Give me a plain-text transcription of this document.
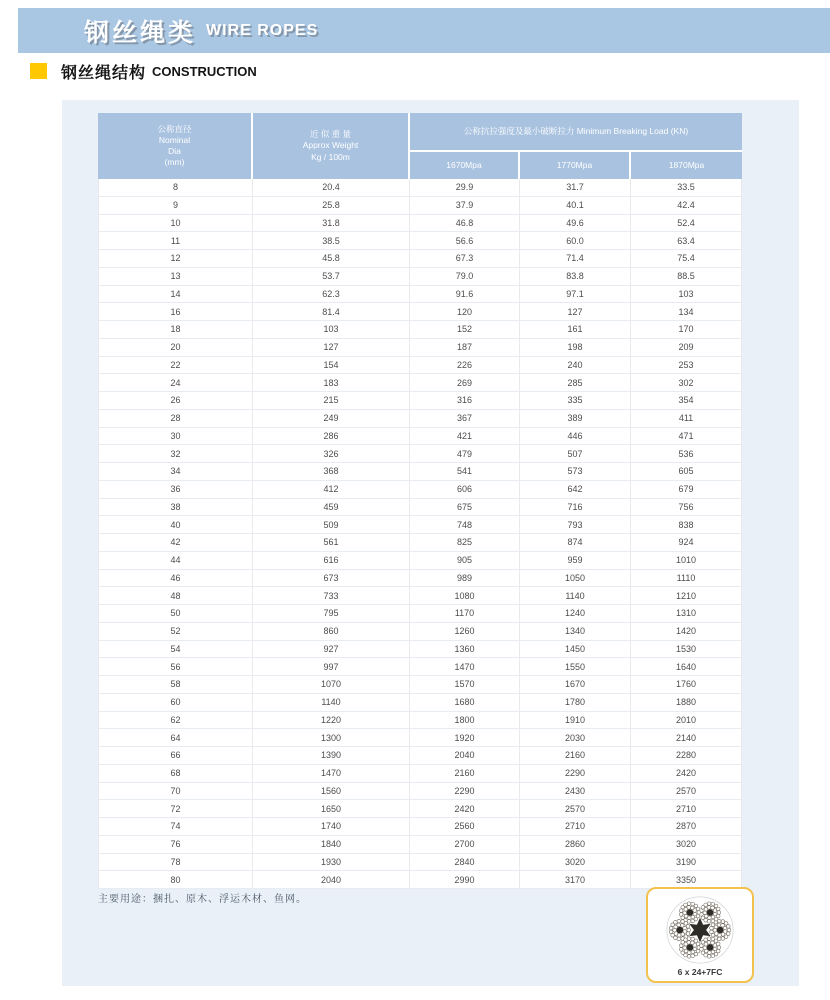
钢丝绳类 WIRE ROPES
钢丝绳结构 CONSTRUCTION
公称直径
Nominal
Dia
(mm)

近 似 重 量
Approx Weight
Kg / 100m
	公称抗拉强度及最小破断拉力 Minimum Breaking Load (KN)
		1670Mpa	1770Mpa	1870Mpa
8	20.4	29.9	31.7	33.5
9	25.8	37.9	40.1	42.4
10	31.8	46.8	49.6	52.4
11	38.5	56.6	60.0	63.4
12	45.8	67.3	71.4	75.4
13	53.7	79.0	83.8	88.5
14	62.3	91.6	97.1	103
16	81.4	120	127	134
18	103	152	161	170
20	127	187	198	209
22	154	226	240	253
24	183	269	285	302
26	215	316	335	354
28	249	367	389	411
30	286	421	446	471
32	326	479	507	536
34	368	541	573	605
36	412	606	642	679
38	459	675	716	756
40	509	748	793	838
42	561	825	874	924
44	616	905	959	1010
46	673	989	1050	1110
48	733	1080	1140	1210
50	795	1170	1240	1310
52	860	1260	1340	1420
54	927	1360	1450	1530
56	997	1470	1550	1640
58	1070	1570	1670	1760
60	1140	1680	1780	1880
62	1220	1800	1910	2010
64	1300	1920	2030	2140
66	1390	2040	2160	2280
68	1470	2160	2290	2420
70	1560	2290	2430	2570
72	1650	2420	2570	2710
74	1740	2560	2710	2870
76	1840	2700	2860	3020
78	1930	2840	3020	3190
80	2040	2990	3170	3350
主要用途：捆扎、原木、浮运木材、鱼网。
6 x 24+7FC
